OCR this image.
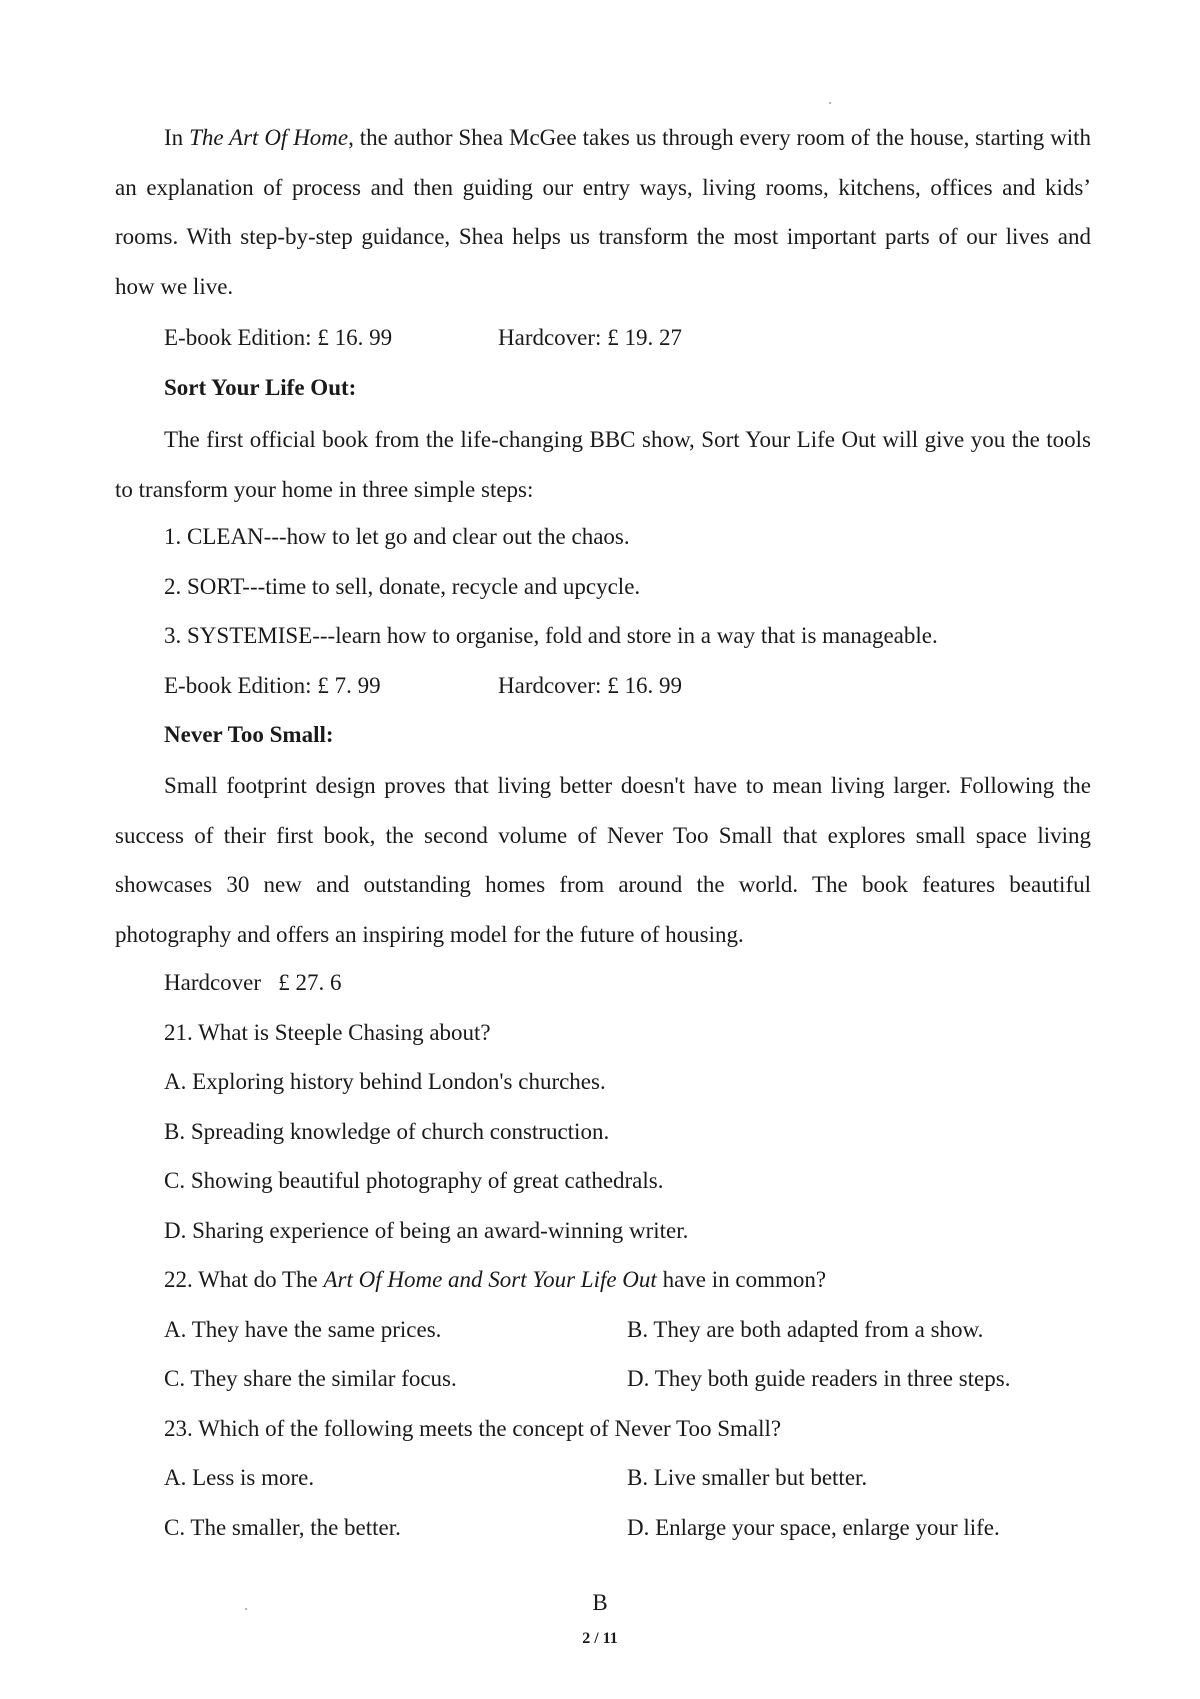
In The Art Of Home, the author Shea McGee takes us through every room of the house, starting with an explanation of process and then guiding our entry ways, living rooms, kitchens, offices and kids’ rooms. With step-by-step guidance, Shea helps us transform the most important parts of our lives and how we live.

E-book Edition: £ 16. 99	Hardcover: £ 19. 27

Sort Your Life Out:

The first official book from the life-changing BBC show, Sort Your Life Out will give you the tools to transform your home in three simple steps:

1. CLEAN---how to let go and clear out the chaos.

2. SORT---time to sell, donate, recycle and upcycle.

3. SYSTEMISE---learn how to organise, fold and store in a way that is manageable.

E-book Edition: £ 7. 99	Hardcover: £ 16. 99

Never Too Small:

Small footprint design proves that living better doesn't have to mean living larger. Following the success of their first book, the second volume of Never Too Small that explores small space living showcases 30 new and outstanding homes from around the world. The book features beautiful photography and offers an inspiring model for the future of housing.

Hardcover   £ 27. 6

21. What is Steeple Chasing about?

A. Exploring history behind London's churches.

B. Spreading knowledge of church construction.

C. Showing beautiful photography of great cathedrals.

D. Sharing experience of being an award-winning writer.

22. What do The Art Of Home and Sort Your Life Out have in common?

A. They have the same prices.	B. They are both adapted from a show.

C. They share the similar focus.	D. They both guide readers in three steps.

23. Which of the following meets the concept of Never Too Small?

A. Less is more.	B. Live smaller but better.

C. The smaller, the better.	D. Enlarge your space, enlarge your life.

B

2 / 11
